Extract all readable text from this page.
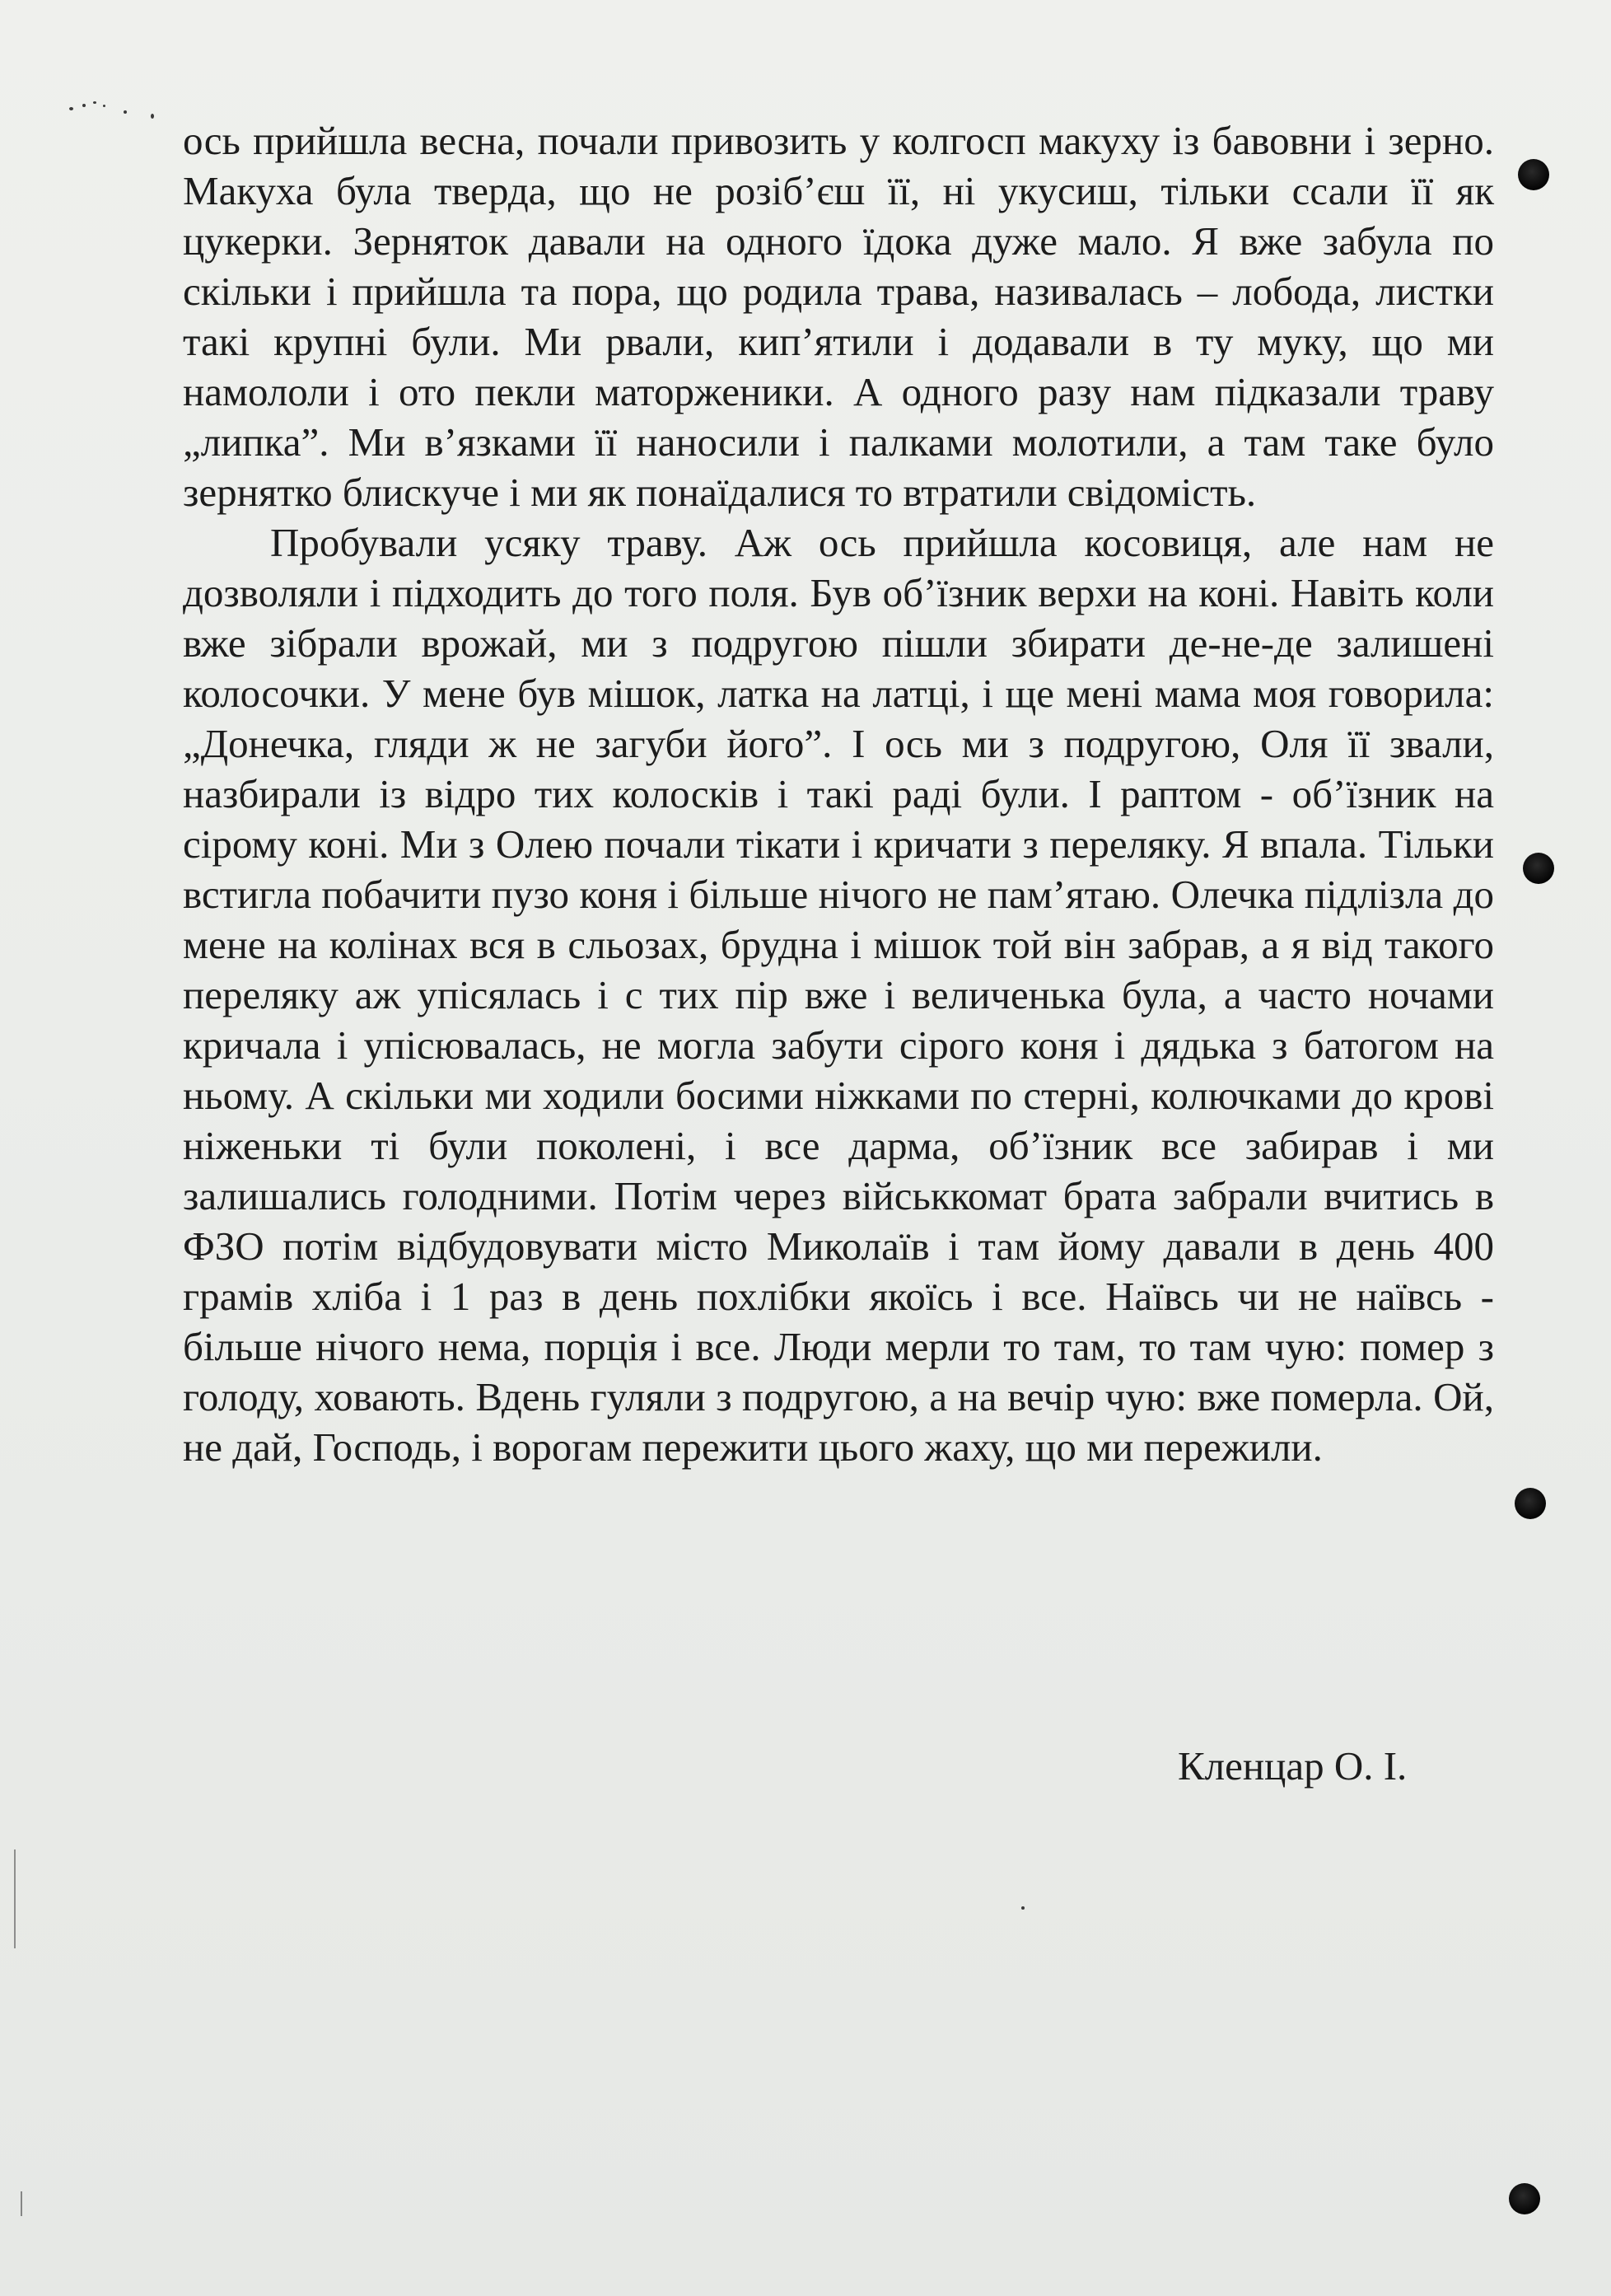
ось прийшла весна, почали привозить у колгосп макуху із бавовни і зерно. Макуха була тверда, що не розіб’єш її, ні укусиш, тільки ссали її як цукерки. Зерняток давали на одного їдока дуже мало. Я вже забула по скільки і прийшла та пора, що родила трава, називалась – лобода, листки такі крупні були. Ми рвали, кип’ятили і додавали в ту муку, що ми намололи і ото пекли маторженики. А одного разу нам підказали траву „липка”. Ми в’язками її наносили і палками молотили, а там таке було зернятко блискуче і ми як понаїдалися то втратили свідомість.

Пробували усяку траву. Аж ось прийшла косовиця, але нам не дозволяли і підходить до того поля. Був об’їзник верхи на коні. Навіть коли вже зібрали врожай, ми з подругою пішли збирати де-не-де залишені колосочки. У мене був мішок, латка на латці, і ще мені мама моя говорила: „Донечка, гляди ж не загуби його”. І ось ми з подругою, Оля її звали, назбирали із відро тих колосків і такі раді були. І раптом - об’їзник на сірому коні. Ми з Олею почали тікати і кричати з переляку. Я впала. Тільки встигла побачити пузо коня і більше нічого не пам’ятаю. Олечка підлізла до мене на колінах вся в сльозах, брудна і мішок той він забрав, а я від такого переляку аж упісялась і с тих пір вже і величенька була, а часто ночами кричала і упісювалась, не могла забути сірого коня і дядька з батогом на ньому. А скільки ми ходили босими ніжками по стерні, колючками до крові ніженьки ті були поколені, і все дарма, об’їзник все забирав і ми залишались голодними. Потім через військкомат брата забрали вчитись в ФЗО потім відбудовувати місто Миколаїв і там йому давали в день 400 грамів хліба і 1 раз в день похлібки якоїсь і все. Наївсь чи не наївсь - більше нічого нема, порція і все. Люди мерли то там, то там чую: помер з голоду, ховають. Вдень гуляли з подругою, а на вечір чую: вже померла. Ой, не дай, Господь, і ворогам пережити цього жаху, що ми пережили.

Кленцар О. І.
